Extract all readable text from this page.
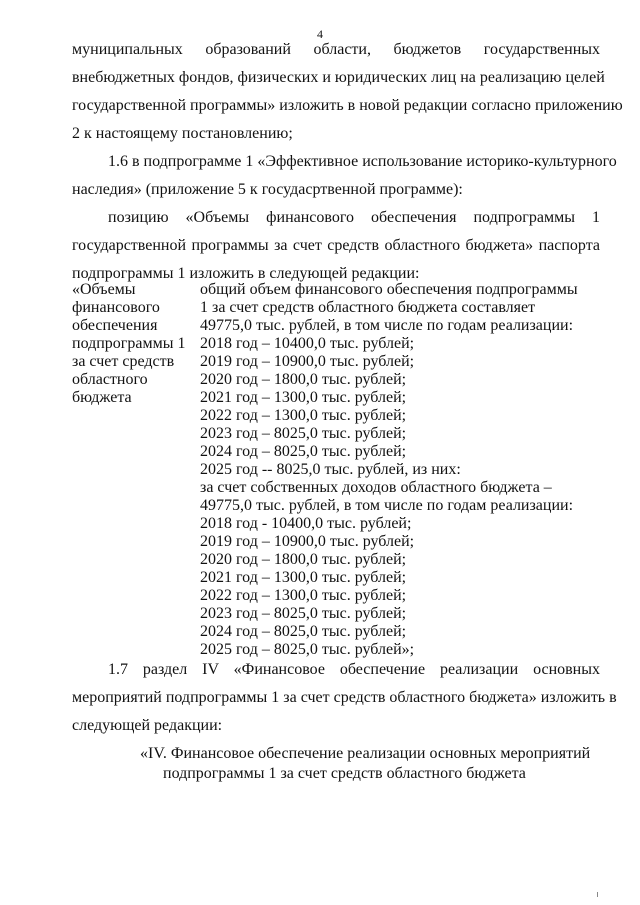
4
муниципальных образований области, бюджетов государственных
внебюджетных фондов, физических и юридических лиц на реализацию целей
государственной программы» изложить в новой редакции согласно приложению
2 к настоящему постановлению;
1.6 в подпрограмме 1 «Эффективное использование историко-культурного
наследия» (приложение 5 к госудасртвенной программе):
позицию «Объемы финансового обеспечения подпрограммы 1
государственной программы за счет средств областного бюджета» паспорта
подпрограммы 1 изложить в следующей редакции:
«Объемы
финансового
обеспечения
подпрограммы 1
за счет средств
областного
бюджета
общий объем финансового обеспечения подпрограммы
1 за счет средств областного бюджета составляет
49775,0 тыс. рублей, в том числе по годам реализации:
2018 год – 10400,0 тыс. рублей;
2019 год – 10900,0 тыс. рублей;
2020 год – 1800,0 тыс. рублей;
2021 год – 1300,0 тыс. рублей;
2022 год – 1300,0 тыс. рублей;
2023 год – 8025,0 тыс. рублей;
2024 год – 8025,0 тыс. рублей;
2025 год -- 8025,0 тыс. рублей, из них:
за счет собственных доходов областного бюджета –
49775,0 тыс. рублей, в том числе по годам реализации:
2018 год - 10400,0 тыс. рублей;
2019 год – 10900,0 тыс. рублей;
2020 год – 1800,0 тыс. рублей;
2021 год – 1300,0 тыс. рублей;
2022 год – 1300,0 тыс. рублей;
2023 год – 8025,0 тыс. рублей;
2024 год – 8025,0 тыс. рублей;
2025 год – 8025,0 тыс. рублей»;
1.7 раздел IV «Финансовое обеспечение реализации основных
мероприятий подпрограммы 1 за счет средств областного бюджета» изложить в
следующей редакции:
«IV. Финансовое обеспечение реализации основных мероприятий
подпрограммы 1 за счет средств областного бюджета
